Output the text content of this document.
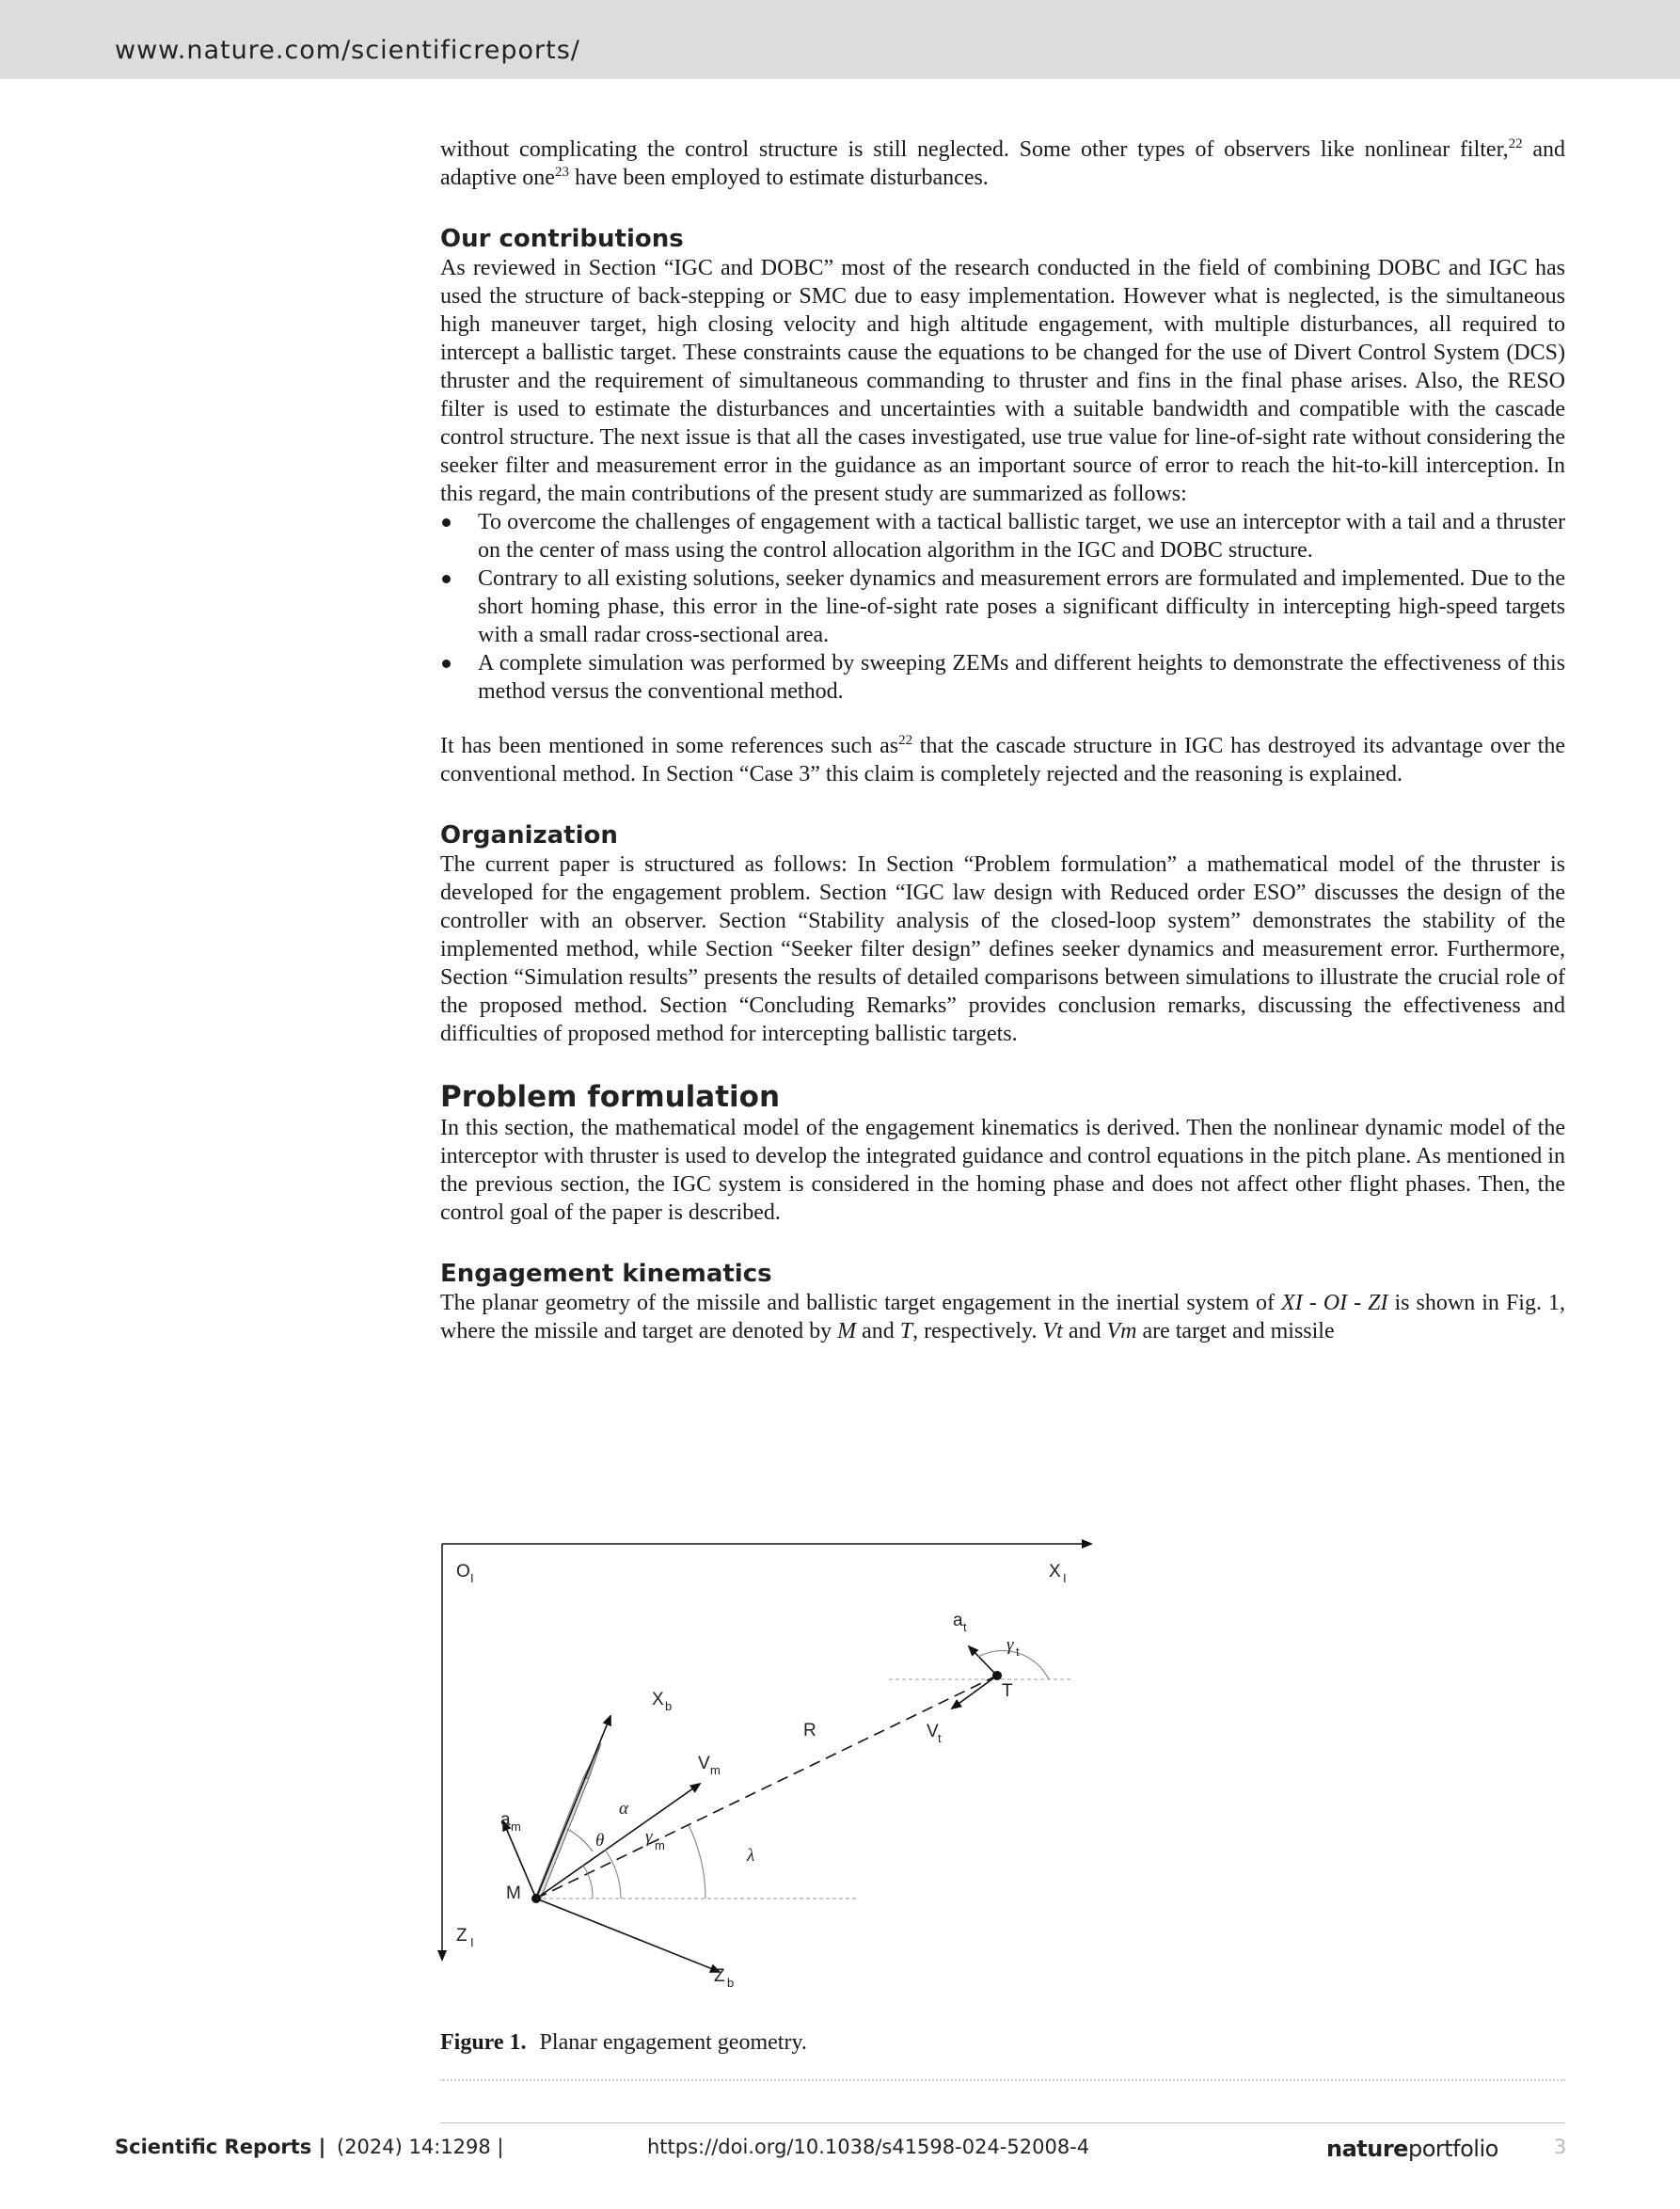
www.nature.com/scientificreports/

without complicating the control structure is still neglected. Some other types of observers like nonlinear filter,$^{22}$ and adaptive one$^{23}$ have been employed to estimate disturbances.

Our contributions

As reviewed in Section “IGC and DOBC” most of the research conducted in the field of combining DOBC and IGC has used the structure of back-stepping or SMC due to easy implementation. However what is neglected, is the simultaneous high maneuver target, high closing velocity and high altitude engagement, with multiple disturbances, all required to intercept a ballistic target. These constraints cause the equations to be changed for the use of Divert Control System (DCS) thruster and the requirement of simultaneous commanding to thruster and fins in the final phase arises. Also, the RESO filter is used to estimate the disturbances and uncertainties with a suitable bandwidth and compatible with the cascade control structure. The next issue is that all the cases investigated, use true value for line-of-sight rate without considering the seeker filter and measurement error in the guidance as an important source of error to reach the hit-to-kill interception. In this regard, the main contributions of the present study are summarized as follows:

To overcome the challenges of engagement with a tactical ballistic target, we use an interceptor with a tail and a thruster on the center of mass using the control allocation algorithm in the IGC and DOBC structure.
Contrary to all existing solutions, seeker dynamics and measurement errors are formulated and implemented. Due to the short homing phase, this error in the line-of-sight rate poses a significant difficulty in intercepting high-speed targets with a small radar cross-sectional area.
A complete simulation was performed by sweeping ZEMs and different heights to demonstrate the effectiveness of this method versus the conventional method.

It has been mentioned in some references such $as^{22}$ that the cascade structure in IGC has destroyed its advantage over the conventional method. In Section “Case 3” this claim is completely rejected and the reasoning is explained.

Organization

The current paper is structured as follows: In Section “Problem formulation” a mathematical model of the thruster is developed for the engagement problem. Section “IGC law design with Reduced order ESO” discusses the design of the controller with an observer. Section “Stability analysis of the closed-loop system” demonstrates the stability of the implemented method, while Section “Seeker filter design” defines seeker dynamics and measurement error. Furthermore, Section “Simulation results” presents the results of detailed comparisons between simulations to illustrate the crucial role of the proposed method. Section “Concluding Remarks” provides conclusion remarks, discussing the effectiveness and difficulties of proposed method for intercepting ballistic targets.

Problem formulation

In this section, the mathematical model of the engagement kinematics is derived. Then the nonlinear dynamic model of the interceptor with thruster is used to develop the integrated guidance and control equations in the pitch plane. As mentioned in the previous section, the IGC system is considered in the homing phase and does not affect other flight phases. Then, the control goal of the paper is described.

Engagement kinematics

The planar geometry of the missile and ballistic target engagement in the inertial system of XI - OI - ZI is shown in Fig. 1, where the missile and target are denoted by M and T, respectively. Vt and Vm are target and missile

O I	X I
Z I
X b
Z b
V m
V t
a t
a m
γ t
γ m
α
θ
λ
R
M
T
Figure 1. Planar engagement geometry.
Scientific Reports | (2024) 14:1298 |	https://doi.org/10.1038/s41598-024-52008-4	natureportfolio	3
